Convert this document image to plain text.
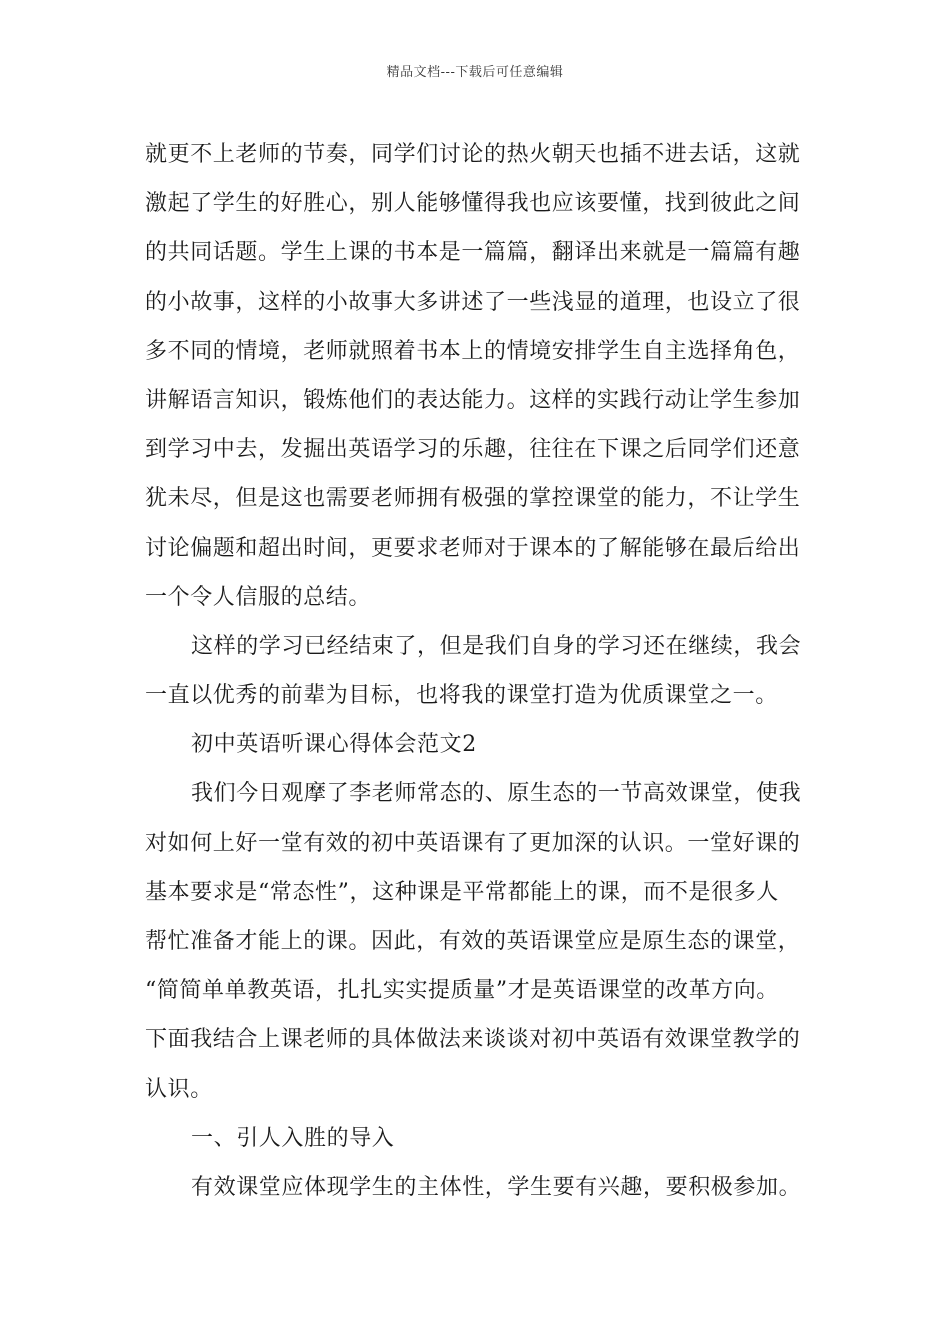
精品文档---下载后可任意编辑
就更不上老师的节奏，同学们讨论的热火朝天也插不进去话，这就
激起了学生的好胜心，别人能够懂得我也应该要懂，找到彼此之间
的共同话题。学生上课的书本是一篇篇，翻译出来就是一篇篇有趣
的小故事，这样的小故事大多讲述了一些浅显的道理，也设立了很
多不同的情境，老师就照着书本上的情境安排学生自主选择角色，
讲解语言知识，锻炼他们的表达能力。这样的实践行动让学生参加
到学习中去，发掘出英语学习的乐趣，往往在下课之后同学们还意
犹未尽，但是这也需要老师拥有极强的掌控课堂的能力，不让学生
讨论偏题和超出时间，更要求老师对于课本的了解能够在最后给出
一个令人信服的总结。
这样的学习已经结束了，但是我们自身的学习还在继续，我会
一直以优秀的前辈为目标，也将我的课堂打造为优质课堂之一。
初中英语听课心得体会范文2
我们今日观摩了李老师常态的、原生态的一节高效课堂，使我
对如何上好一堂有效的初中英语课有了更加深的认识。一堂好课的
基本要求是“常态性”，这种课是平常都能上的课，而不是很多人
帮忙准备才能上的课。因此，有效的英语课堂应是原生态的课堂，
“简简单单教英语，扎扎实实提质量”才是英语课堂的改革方向。
下面我结合上课老师的具体做法来谈谈对初中英语有效课堂教学的
认识。
一、引人入胜的导入
有效课堂应体现学生的主体性，学生要有兴趣，要积极参加。
